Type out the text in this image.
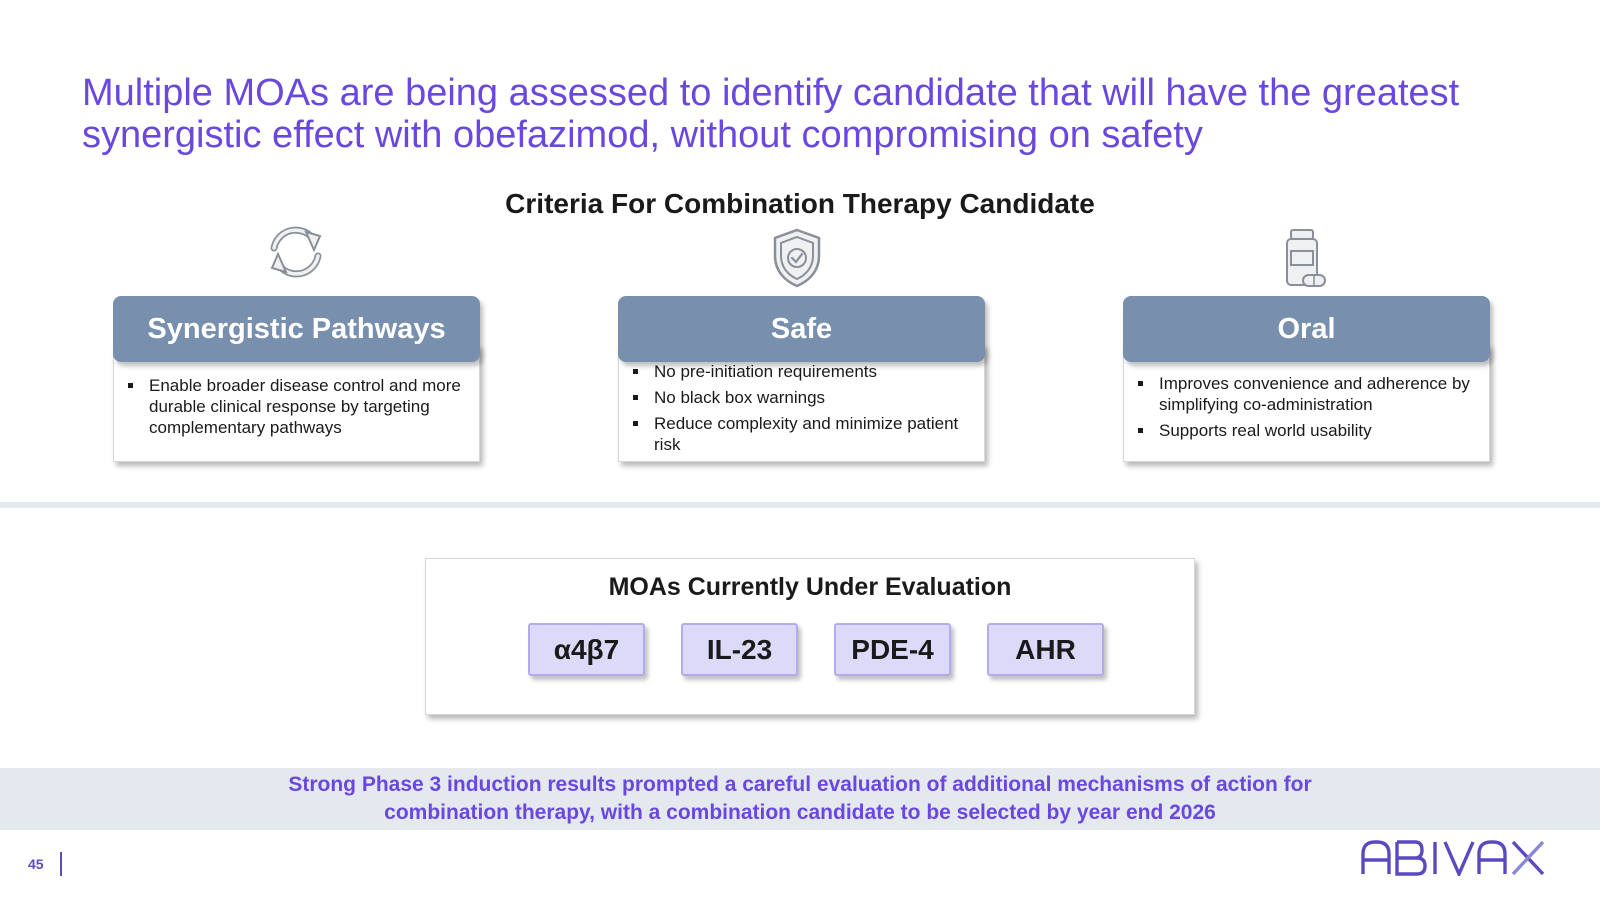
Multiple MOAs are being assessed to identify candidate that will have the greatest
synergistic effect with obefazimod, without compromising on safety
Criteria For Combination Therapy Candidate
Enable broader disease control and more durable clinical response by targeting complementary pathways
Synergistic Pathways
No pre-initiation requirements
No black box warnings
Reduce complexity and minimize patient risk
Safe
Improves convenience and adherence by simplifying co-administration
Supports real world usability
Oral
MOAs Currently Under Evaluation
α4β7	IL-23	PDE-4	AHR
Strong Phase 3 induction results prompted a careful evaluation of additional mechanisms of action for
combination therapy, with a combination candidate to be selected by year end 2026
45
